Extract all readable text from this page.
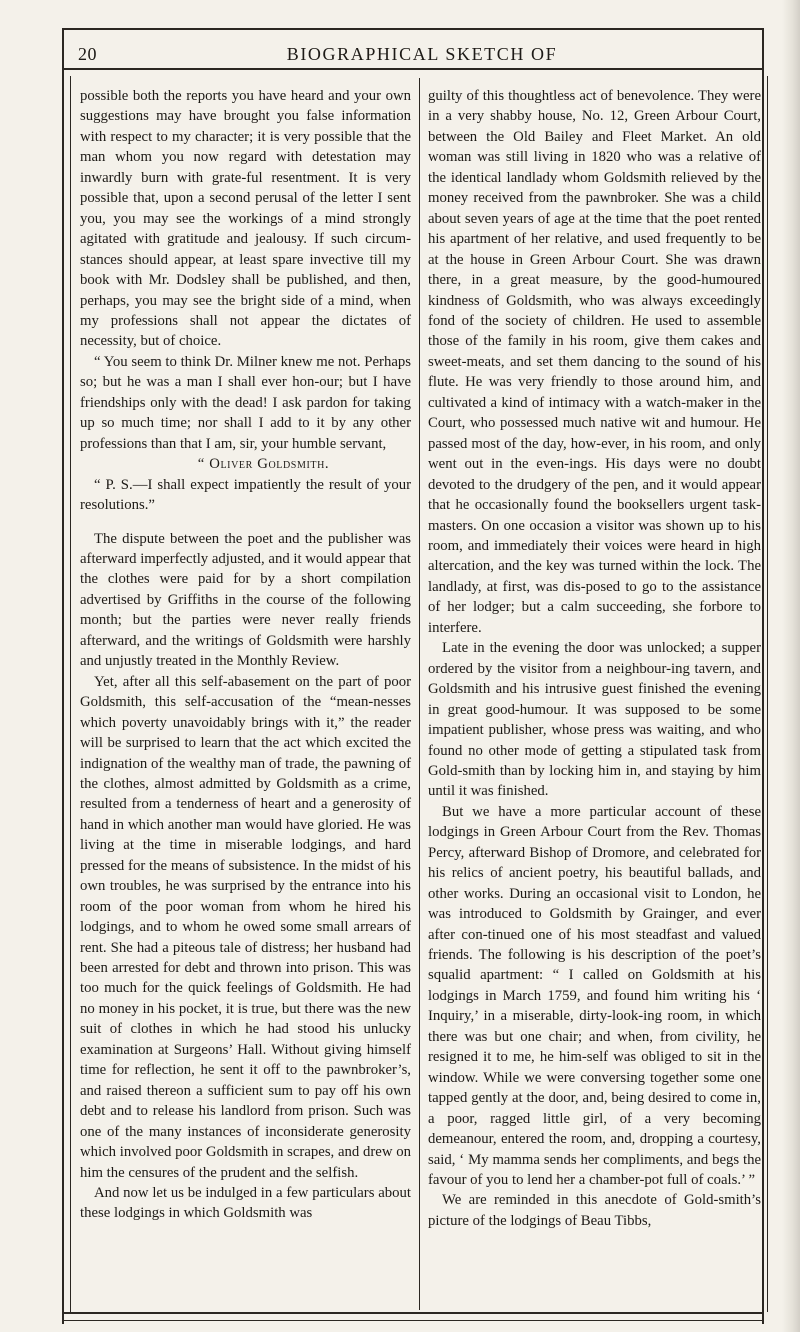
20	BIOGRAPHICAL SKETCH OF

possible both the reports you have heard and your own suggestions may have brought you false information with respect to my character; it is very possible that the man whom you now regard with detestation may inwardly burn with grate-ful resentment. It is very possible that, upon a second perusal of the letter I sent you, you may see the workings of a mind strongly agitated with gratitude and jealousy. If such circum-stances should appear, at least spare invective till my book with Mr. Dodsley shall be published, and then, perhaps, you may see the bright side of a mind, when my professions shall not appear the dictates of necessity, but of choice.

“ You seem to think Dr. Milner knew me not. Perhaps so; but he was a man I shall ever hon-our; but I have friendships only with the dead! I ask pardon for taking up so much time; nor shall I add to it by any other professions than that I am, sir, your humble servant,

“ Oliver Goldsmith.

“ P. S.—I shall expect impatiently the result of your resolutions.”

The dispute between the poet and the publisher was afterward imperfectly adjusted, and it would appear that the clothes were paid for by a short compilation advertised by Griffiths in the course of the following month; but the parties were never really friends afterward, and the writings of Goldsmith were harshly and unjustly treated in the Monthly Review.

Yet, after all this self-abasement on the part of poor Goldsmith, this self-accusation of the “mean-nesses which poverty unavoidably brings with it,” the reader will be surprised to learn that the act which excited the indignation of the wealthy man of trade, the pawning of the clothes, almost admitted by Goldsmith as a crime, resulted from a tenderness of heart and a generosity of hand in which another man would have gloried. He was living at the time in miserable lodgings, and hard pressed for the means of subsistence. In the midst of his own troubles, he was surprised by the entrance into his room of the poor woman from whom he hired his lodgings, and to whom he owed some small arrears of rent. She had a piteous tale of distress; her husband had been arrested for debt and thrown into prison. This was too much for the quick feelings of Goldsmith. He had no money in his pocket, it is true, but there was the new suit of clothes in which he had stood his unlucky examination at Surgeons’ Hall. Without giving himself time for reflection, he sent it off to the pawnbroker’s, and raised thereon a sufficient sum to pay off his own debt and to release his landlord from prison. Such was one of the many instances of inconsiderate generosity which involved poor Goldsmith in scrapes, and drew on him the censures of the prudent and the selfish.

And now let us be indulged in a few particulars about these lodgings in which Goldsmith was

guilty of this thoughtless act of benevolence. They were in a very shabby house, No. 12, Green Arbour Court, between the Old Bailey and Fleet Market. An old woman was still living in 1820 who was a relative of the identical landlady whom Goldsmith relieved by the money received from the pawnbroker. She was a child about seven years of age at the time that the poet rented his apartment of her relative, and used frequently to be at the house in Green Arbour Court. She was drawn there, in a great measure, by the good-humoured kindness of Goldsmith, who was always exceedingly fond of the society of children. He used to assemble those of the family in his room, give them cakes and sweet-meats, and set them dancing to the sound of his flute. He was very friendly to those around him, and cultivated a kind of intimacy with a watch-maker in the Court, who possessed much native wit and humour. He passed most of the day, how-ever, in his room, and only went out in the even-ings. His days were no doubt devoted to the drudgery of the pen, and it would appear that he occasionally found the booksellers urgent task-masters. On one occasion a visitor was shown up to his room, and immediately their voices were heard in high altercation, and the key was turned within the lock. The landlady, at first, was dis-posed to go to the assistance of her lodger; but a calm succeeding, she forbore to interfere.

Late in the evening the door was unlocked; a supper ordered by the visitor from a neighbour-ing tavern, and Goldsmith and his intrusive guest finished the evening in great good-humour. It was supposed to be some impatient publisher, whose press was waiting, and who found no other mode of getting a stipulated task from Gold-smith than by locking him in, and staying by him until it was finished.

But we have a more particular account of these lodgings in Green Arbour Court from the Rev. Thomas Percy, afterward Bishop of Dromore, and celebrated for his relics of ancient poetry, his beautiful ballads, and other works. During an occasional visit to London, he was introduced to Goldsmith by Grainger, and ever after con-tinued one of his most steadfast and valued friends. The following is his description of the poet’s squalid apartment: “ I called on Goldsmith at his lodgings in March 1759, and found him writing his ‘ Inquiry,’ in a miserable, dirty-look-ing room, in which there was but one chair; and when, from civility, he resigned it to me, he him-self was obliged to sit in the window. While we were conversing together some one tapped gently at the door, and, being desired to come in, a poor, ragged little girl, of a very becoming demeanour, entered the room, and, dropping a courtesy, said, ‘ My mamma sends her compliments, and begs the favour of you to lend her a chamber-pot full of coals.’ ”

We are reminded in this anecdote of Gold-smith’s picture of the lodgings of Beau Tibbs,
